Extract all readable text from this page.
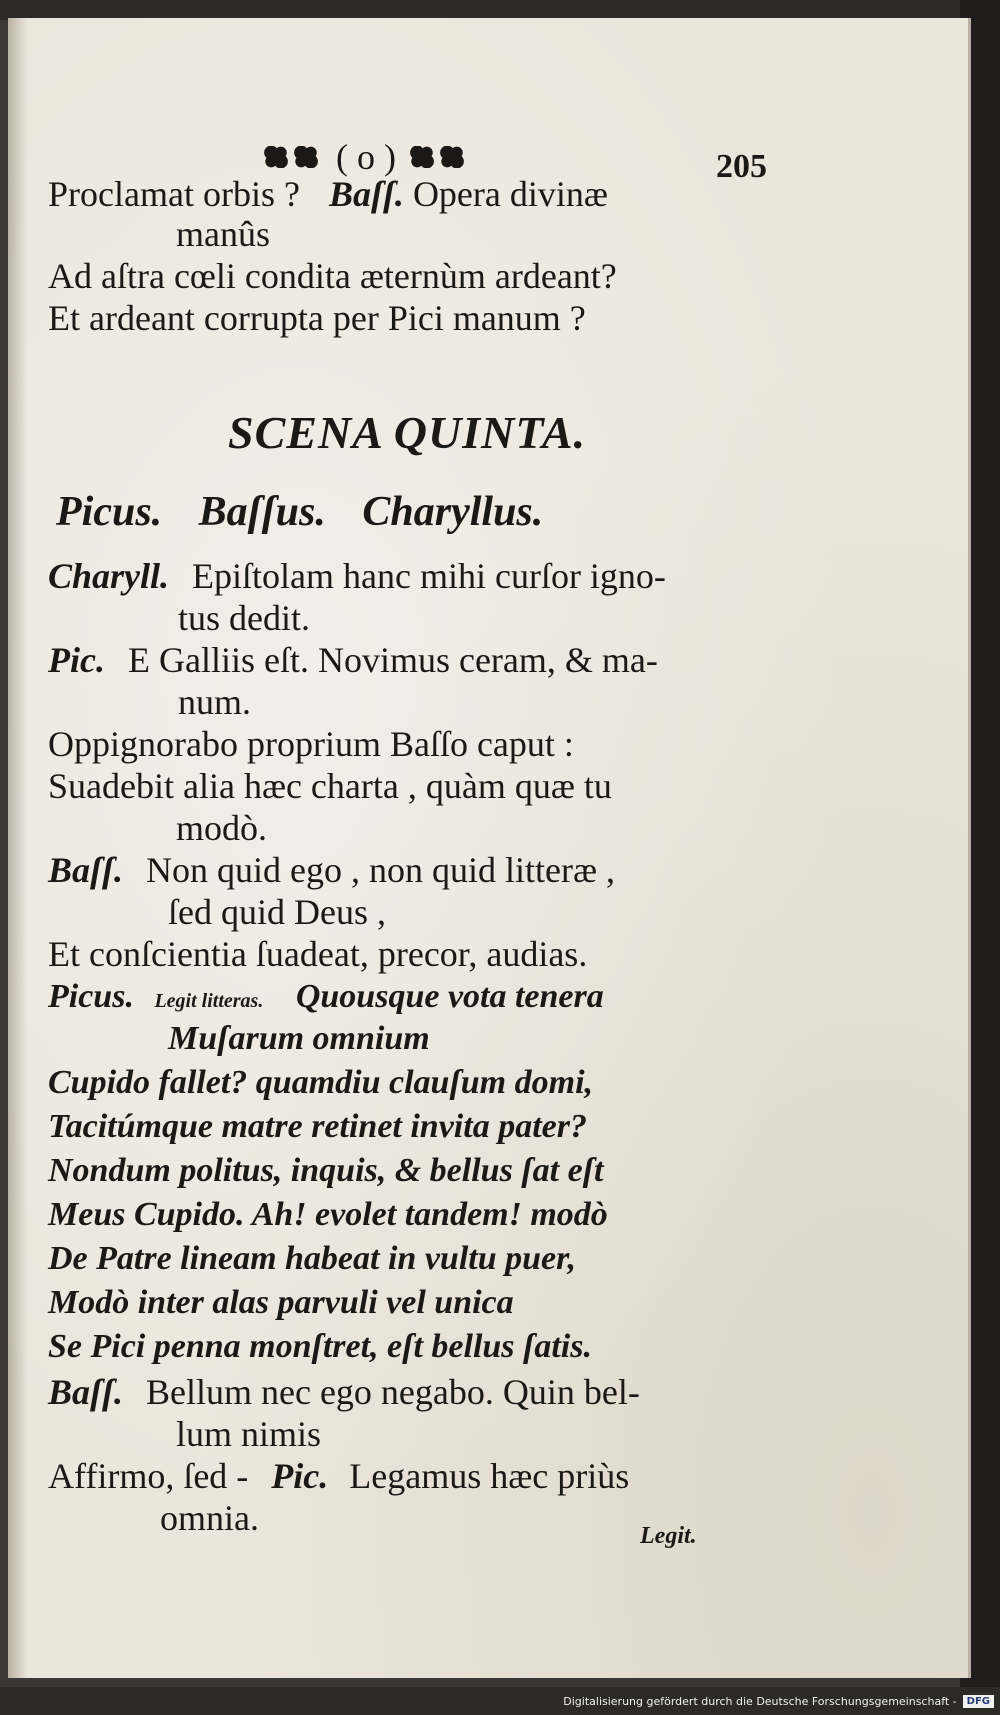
( o )	205
Proclamat orbis ? Baſſ. Opera divinæ
manûs
Ad aſtra cœli condita æternùm ardeant?
Et ardeant corrupta per Pici manum ?
SCENA QUINTA.
Picus. Baſſus. Charyllus.
Charyll. Epiſtolam hanc mihi curſor igno-
tus dedit.
Pic. E Galliis eſt. Novimus ceram, & ma-
num.
Oppignorabo proprium Baſſo caput :
Suadebit alia hæc charta , quàm quæ tu
modò.
Baſſ. Non quid ego , non quid litteræ ,
ſed quid Deus ,
Et conſcientia ſuadeat, precor, audias.
Picus. Legit litteras. Quousque vota tenera
Muſarum omnium
Cupido fallet? quamdiu clauſum domi,
Tacitúmque matre retinet invita pater?
Nondum politus, inquis, & bellus ſat eſt
Meus Cupido. Ah! evolet tandem! modò
De Patre lineam habeat in vultu puer,
Modò inter alas parvuli vel unica
Se Pici penna monſtret, eſt bellus ſatis.
Baſſ. Bellum nec ego negabo. Quin bel-
lum nimis
Affirmo, ſed - Pic. Legamus hæc priùs
omnia.	Legit.
Digitalisierung gefördert durch die Deutsche Forschungsgemeinschaft -	DFG
